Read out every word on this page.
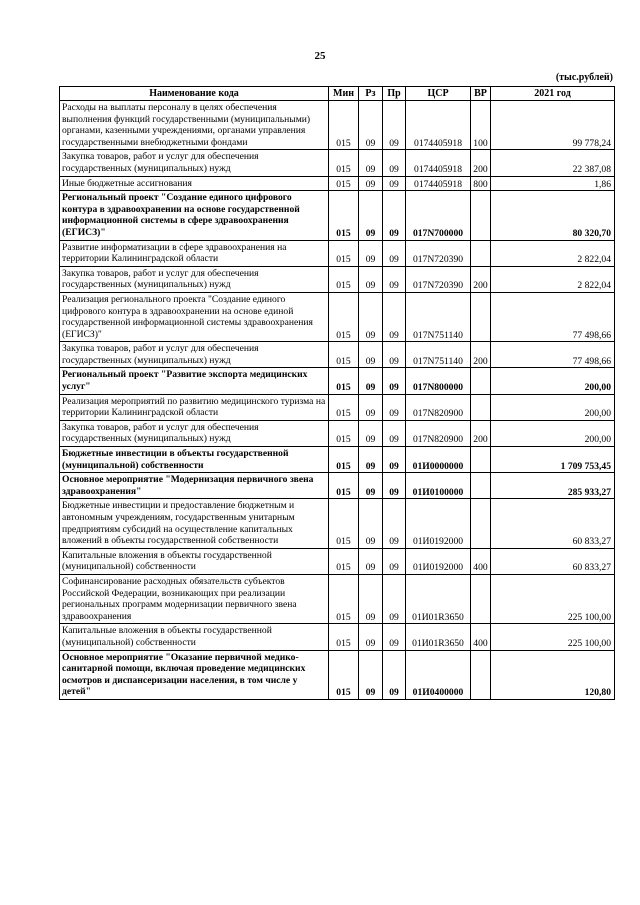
25
(тыс.рублей)
Наименование кода	Мин	Рз	Пр	ЦСР	ВР	2021 год
Расходы на выплаты персоналу в целях обеспечения выполнения функций государственными (муниципальными) органами, казенными учреждениями, органами управления государственными внебюджетными фондами	015	09	09	0174405918	100	99 778,24
Закупка товаров, работ и услуг для обеспечения государственных (муниципальных) нужд	015	09	09	0174405918	200	22 387,08
Иные бюджетные ассигнования	015	09	09	0174405918	800	1,86
Региональный проект "Создание единого цифрового контура в здравоохранении на основе государственной информационной системы в сфере здравоохранения (ЕГИСЗ)"	015	09	09	017N700000		80 320,70
Развитие информатизации в сфере здравоохранения на территории Калининградской области	015	09	09	017N720390		2 822,04
Закупка товаров, работ и услуг для обеспечения государственных (муниципальных) нужд	015	09	09	017N720390	200	2 822,04
Реализация регионального проекта "Создание единого цифрового контура в здравоохранении на основе единой государственной информационной системы здравоохранения (ЕГИСЗ)"	015	09	09	017N751140		77 498,66
Закупка товаров, работ и услуг для обеспечения государственных (муниципальных) нужд	015	09	09	017N751140	200	77 498,66
Региональный проект "Развитие экспорта медицинских услуг"	015	09	09	017N800000		200,00
Реализация мероприятий по развитию медицинского туризма на территории Калининградской области	015	09	09	017N820900		200,00
Закупка товаров, работ и услуг для обеспечения государственных (муниципальных) нужд	015	09	09	017N820900	200	200,00
Бюджетные инвестиции в объекты государственной (муниципальной) собственности	015	09	09	01И0000000		1 709 753,45
Основное мероприятие "Модернизация первичного звена здравоохранения"	015	09	09	01И0100000		285 933,27
Бюджетные инвестиции и предоставление бюджетным и автономным учреждениям, государственным унитарным предприятиям субсидий на осуществление капитальных вложений в объекты государственной собственности	015	09	09	01И0192000		60 833,27
Капитальные вложения в объекты государственной (муниципальной) собственности	015	09	09	01И0192000	400	60 833,27
Софинансирование расходных обязательств субъектов Российской Федерации, возникающих при реализации региональных программ модернизации первичного звена здравоохранения	015	09	09	01И01R3650		225 100,00
Капитальные вложения в объекты государственной (муниципальной) собственности	015	09	09	01И01R3650	400	225 100,00
Основное мероприятие "Оказание первичной медико-санитарной помощи, включая проведение медицинских осмотров и диспансеризации населения, в том числе у детей"	015	09	09	01И0400000		120,80
